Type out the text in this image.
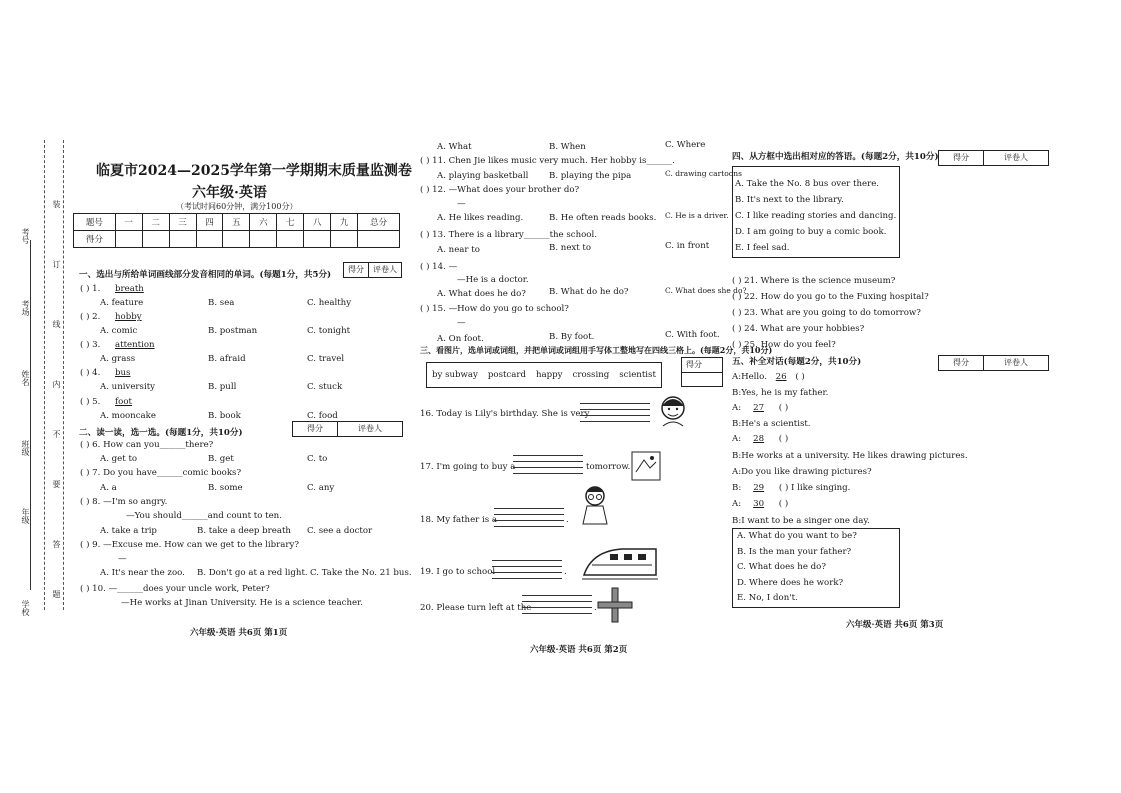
考号
考场
姓名
班级
年级
学校
装
订
线
内
不
要
答
题
临夏市2024—2025学年第一学期期末质量监测卷
六年级·英语
（考试时间60分钟，满分100分）
题号	一	二	三	四	五	六	七	八	九	总分
得分										
得分	评卷人
一、选出与所给单词画线部分发音相同的单词。(每题1分，共5分)
( ) 1. breath
A. feature	B. sea	C. healthy
( ) 2. hobby
A. comic	B. postman	C. tonight
( ) 3. attention
A. grass	B. afraid	C. travel
( ) 4. bus
A. university	B. pull	C. stuck
( ) 5. foot
A. mooncake	B. book	C. food
得分	评卷人
二、读一读，选一选。(每题1分，共10分)
( ) 6. How can you______there?
A. get to	B. get	C. to
( ) 7. Do you have______comic books?
A. a	B. some	C. any
( ) 8. —I'm so angry.
—You should______and count to ten.
A. take a trip	B. take a deep breath C. see a doctor
( ) 9. —Excuse me. How can we get to the library?
—
A. It's near the zoo. B. Don't go at a red light. C. Take the No. 21 bus.
( ) 10. —______does your uncle work, Peter?
—He works at Jinan University. He is a science teacher.
六年级·英语 共6页 第1页
A. What	B. When	C. Where
( ) 11. Chen Jie likes music very much. Her hobby is______.
A. playing basketball B. playing the pipa	C. drawing cartoons
( ) 12. —What does your brother do?
—
A. He likes reading.	B. He often reads books. C. He is a driver.
( ) 13. There is a library______the school.
A. near to	B. next to	C. in front
( ) 14. —
—He is a doctor.
A. What does he do?	B. What do he do?	C. What does she do?
( ) 15. —How do you go to school?
—
A. On foot.	B. By foot.	C. With foot.
三、看图片，选单词或词组，并把单词或词组用手写体工整地写在四线三格上。(每题2分，共10分)
得分
by subway postcard happy crossing scientist
16. Today is Lily's birthday. She is very
17. I'm going to buy a	tomorrow.
18. My father is a	.
19. I go to school	.
20. Please turn left at the	.
六年级·英语 共6页 第2页
四、从方框中选出相对应的答语。(每题2分，共10分)	得分	评卷人
A. Take the No. 8 bus over there.
B. It's next to the library.
C. I like reading stories and dancing.
D. I am going to buy a comic book.
E. I feel sad.
( ) 21. Where is the science museum?
( ) 22. How do you go to the Fuxing hospital?
( ) 23. What are you going to do tomorrow?
( ) 24. What are your hobbies?
( ) 25. How do you feel?
五、补全对话(每题2分，共10分)	得分	评卷人
A:Hello. 26 ( )
B:Yes, he is my father.
A: 27 ( )
B:He's a scientist.
A: 28 ( )
B:He works at a university. He likes drawing pictures.
A:Do you like drawing pictures?
B: 29 ( ) I like singing.
A: 30 ( )
B:I want to be a singer one day.
A. What do you want to be?
B. Is the man your father?
C. What does he do?
D. Where does he work?
E. No, I don't.
六年级·英语 共6页 第3页
